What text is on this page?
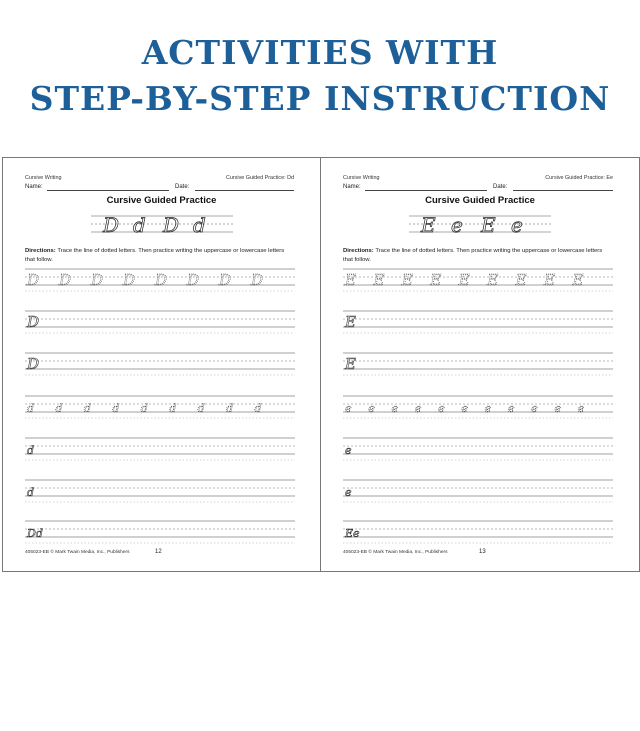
ACTIVITIES WITH
STEP-BY-STEP INSTRUCTION
Cursive Writing	Cursive Guided Practice: Dd
Name:	Date:
Cursive Guided Practice
D d D d
Directions: Trace the line of dotted letters. Then practice writing the uppercase or lowercase letters that follow.
D D D D D D D D
D
D
d d d d d d d d d
d
d
Dd
405023-EB © Mark Twain Media, Inc., Publishers	12
Cursive Writing	Cursive Guided Practice: Ee
Name:	Date:
Cursive Guided Practice
E e E e
Directions: Trace the line of dotted letters. Then practice writing the uppercase or lowercase letters that follow.
E E E E E E E E E
E
E
e e e e e e e e e e e
e
e
Ee
405023-EB © Mark Twain Media, Inc., Publishers	13
